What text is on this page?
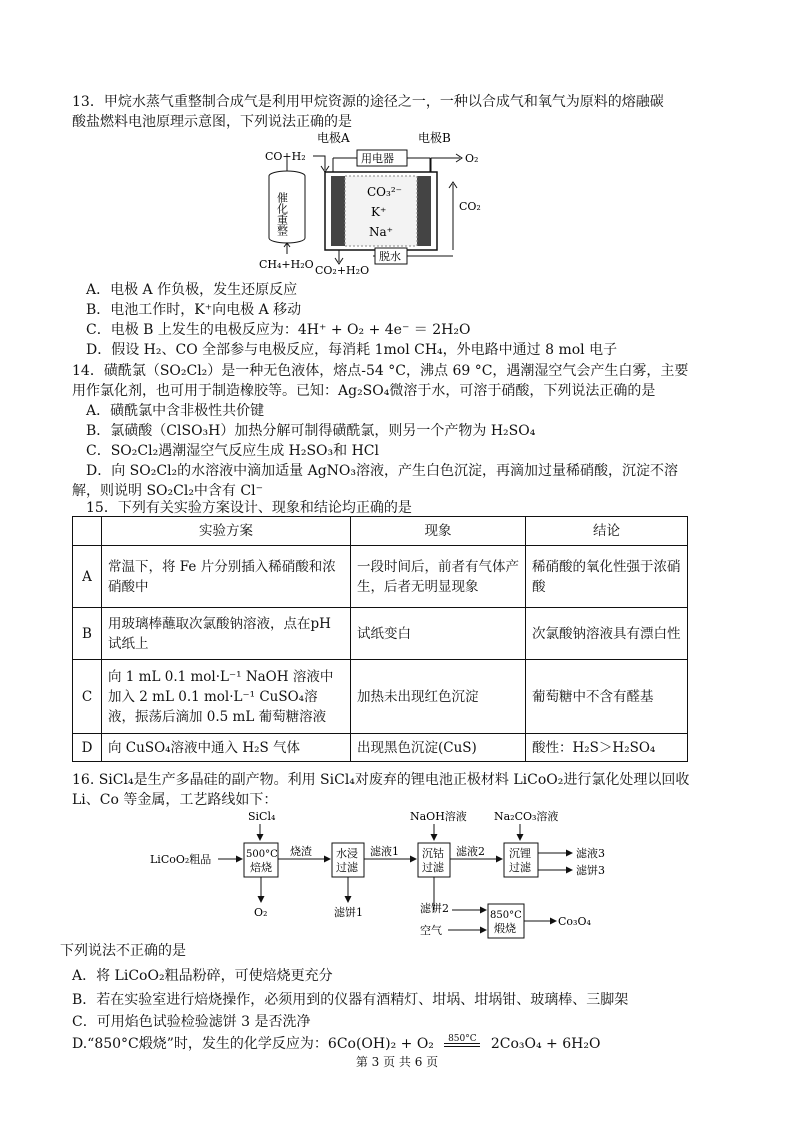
13．甲烷水蒸气重整制合成气是利用甲烷资源的途径之一，一种以合成气和氧气为原料的熔融碳
酸盐燃料电池原理示意图，下列说法正确的是
电极A	电极B
用电器
CO+H₂
催化重整
CH₄+H₂O
CO₃²⁻
K⁺
Na⁺
O₂
CO₂
CO₂+H₂O
脱水
A．电极 A 作负极，发生还原反应
B．电池工作时，K⁺向电极 A 移动
C．电极 B 上发生的电极反应为：4H⁺ + O₂ + 4e⁻ ＝ 2H₂O
D．假设 H₂、CO 全部参与电极反应，每消耗 1mol CH₄，外电路中通过 8 mol 电子
14．磺酰氯（SO₂Cl₂）是一种无色液体，熔点-54 °C，沸点 69 °C，遇潮湿空气会产生白雾，主要
用作氯化剂，也可用于制造橡胶等。已知：Ag₂SO₄微溶于水，可溶于硝酸，下列说法正确的是
A．磺酰氯中含非极性共价键
B．氯磺酸（ClSO₃H）加热分解可制得磺酰氯，则另一个产物为 H₂SO₄
C．SO₂Cl₂遇潮湿空气反应生成 H₂SO₃和 HCl
D．向 SO₂Cl₂的水溶液中滴加适量 AgNO₃溶液，产生白色沉淀，再滴加过量稀硝酸，沉淀不溶
解，则说明 SO₂Cl₂中含有 Cl⁻
15．下列有关实验方案设计、现象和结论均正确的是
	实验方案	现象	结论
A	常温下，将 Fe 片分别插入稀硝酸和浓硝酸中	一段时间后，前者有气体产生，后者无明显现象	稀硝酸的氧化性强于浓硝酸
B	用玻璃棒蘸取次氯酸钠溶液，点在pH 试纸上	试纸变白	次氯酸钠溶液具有漂白性
C	向 1 mL 0.1 mol·L⁻¹ NaOH 溶液中加入 2 mL 0.1 mol·L⁻¹ CuSO₄溶液，振荡后滴加 0.5 mL 葡萄糖溶液	加热未出现红色沉淀	葡萄糖中不含有醛基
D	向 CuSO₄溶液中通入 H₂S 气体	出现黑色沉淀(CuS)	酸性：H₂S＞H₂SO₄
16. SiCl₄是生产多晶硅的副产物。利用 SiCl₄对废弃的锂电池正极材料 LiCoO₂进行氯化处理以回收
Li、Co 等金属，工艺路线如下：
SiCl₄
LiCoO₂粗品	500°C
焙烧
O₂
烧渣 水浸
过滤
滤饼1
滤液1
NaOH溶液
沉钴
过滤
滤饼2
空气
850°C
煅烧
Co₃O₄
滤液2
Na₂CO₃溶液
沉锂
过滤
滤液3
滤饼3
下列说法不正确的是
A．将 LiCoO₂粗品粉碎，可使焙烧更充分
B．若在实验室进行焙烧操作，必须用到的仪器有酒精灯、坩埚、坩埚钳、玻璃棒、三脚架
C．可用焰色试验检验滤饼 3 是否洗净
D.“850°C煅烧”时，发生的化学反应为：6Co(OH)₂ + O₂	850°C 2Co₃O₄ + 6H₂O
第 3 页 共 6 页
